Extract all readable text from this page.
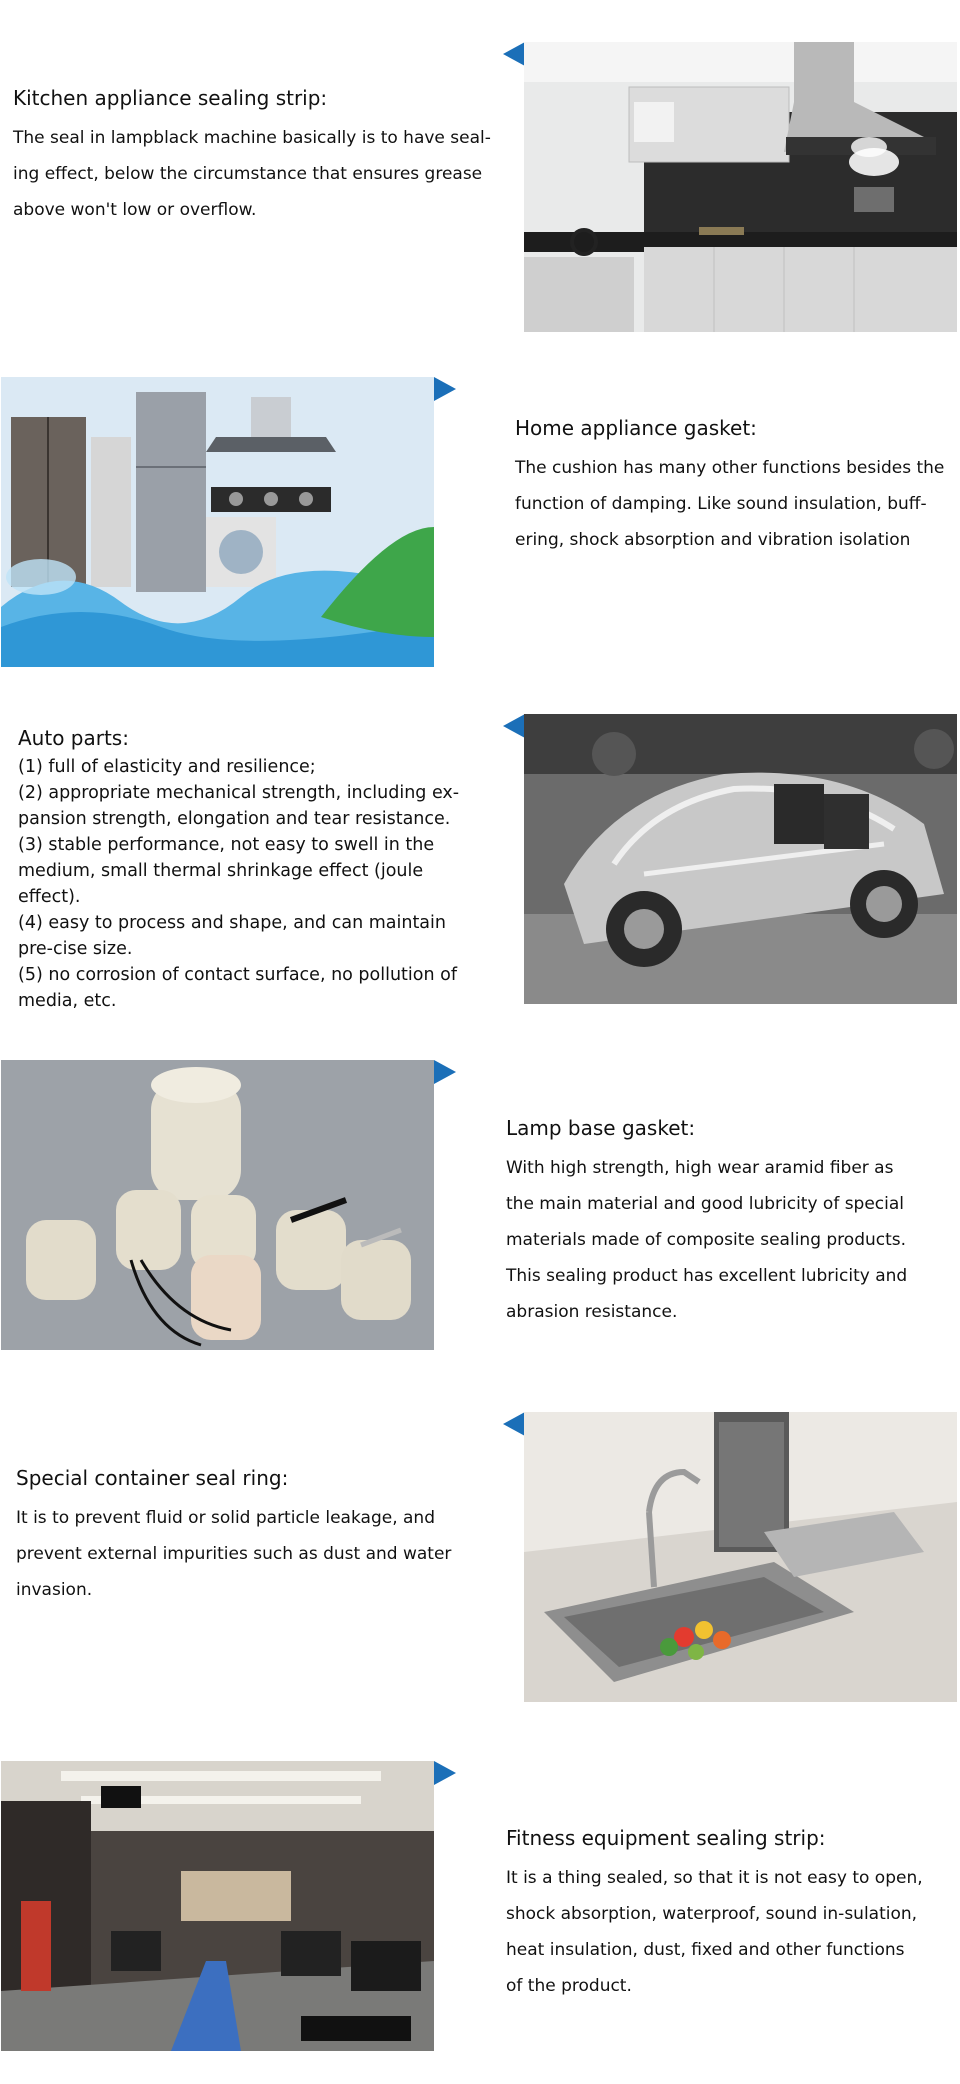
Kitchen appliance sealing strip:

The seal in lampblack machine basically is to have seal-ing effect, below the circumstance that ensures grease above won't low or overflow.

Home appliance gasket:

The cushion has many other functions besides the function of damping. Like sound insulation, buff-ering, shock absorption and vibration isolation

Auto parts:
(1) full of elasticity and resilience;
(2) appropriate mechanical strength, including ex-pansion strength, elongation and tear resistance.
(3) stable performance, not easy to swell in the medium, small thermal shrinkage effect (joule effect).
(4) easy to process and shape, and can maintain pre-cise size.
(5) no corrosion of contact surface, no pollution of media, etc.
Lamp base gasket:

With high strength, high wear aramid fiber as the main material and good lubricity of special materials made of composite sealing products. This sealing product has excellent lubricity and abrasion resistance.

Special container seal ring:

It is to prevent fluid or solid particle leakage, and prevent external impurities such as dust and water invasion.

Fitness equipment sealing strip:

It is a thing sealed, so that it is not easy to open, shock absorption, waterproof, sound in-sulation, heat insulation, dust, fixed and other functions of the product.
